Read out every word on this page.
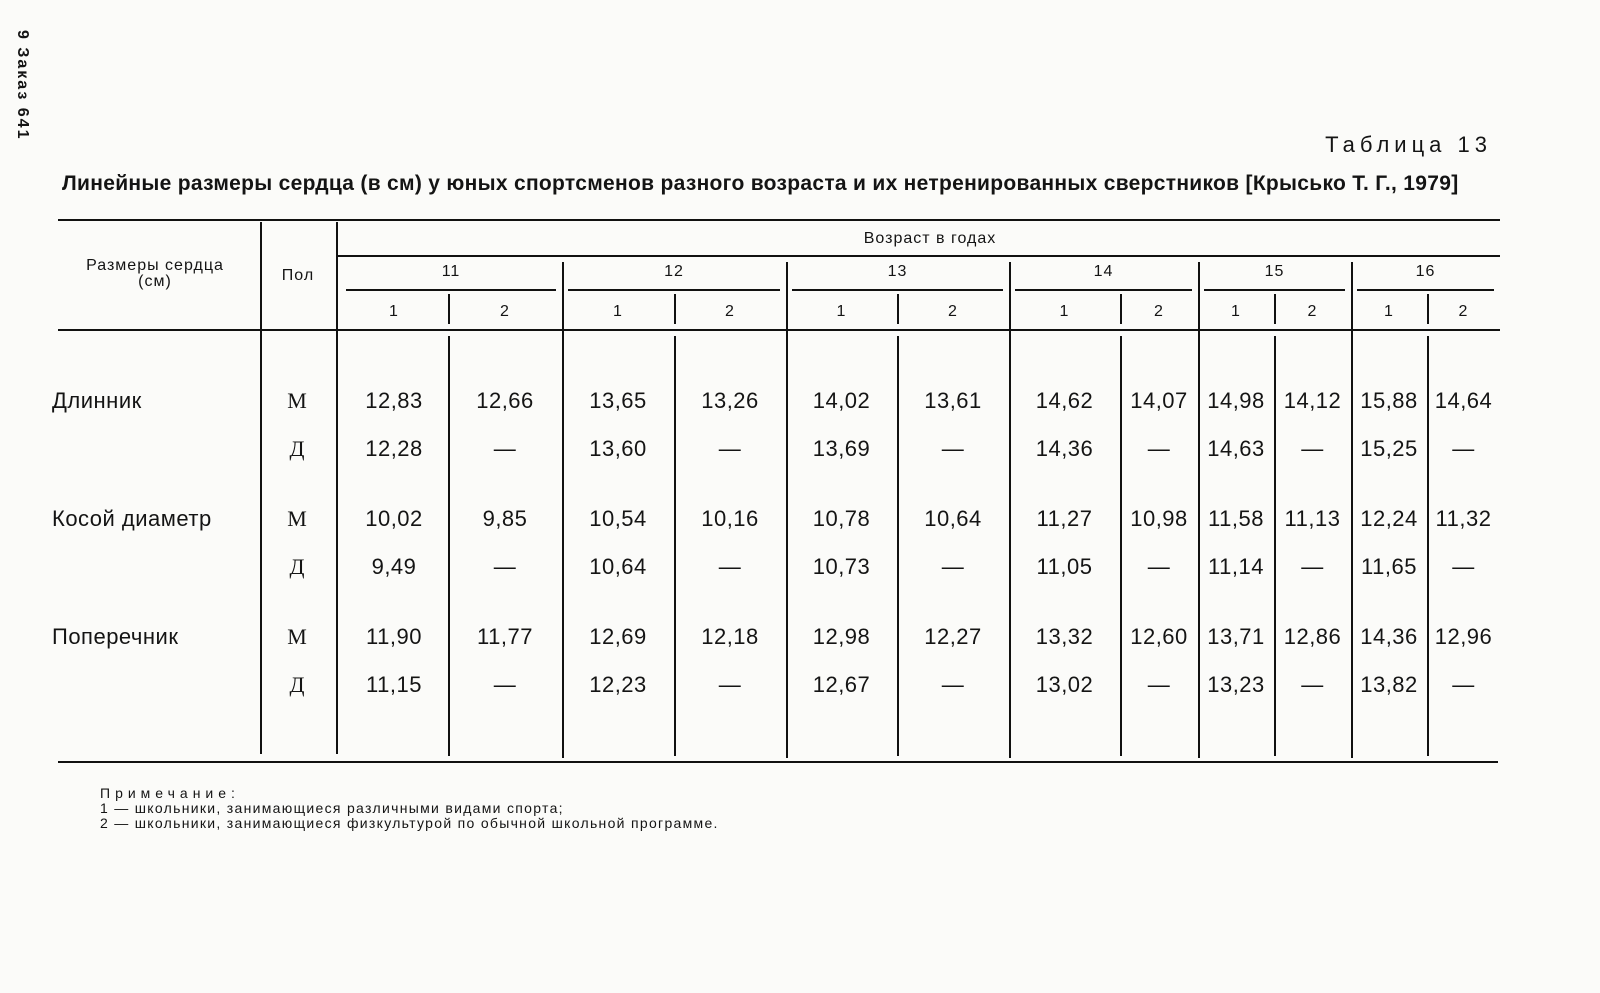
9 Заказ 641
Таблица 13
Линейные размеры сердца (в см) у юных спортсменов разного возраста и их нетренированных сверстников [Крысько Т. Г., 1979]
Размеры сердца (см)	Пол
Возраст в годах
11
1	2
12
1	2
13
1	2
14
1	2
15
1	2
16
1	2
Длинник	М	12,83	12,66	13,65	13,26	14,02	13,61	14,62	14,07 14,98 14,12 15,88 14,64
Д	12,28	—	13,60	—	13,69	—	14,36	—	14,63	—	15,25	—
Косой диаметр	М	10,02	9,85	10,54	10,16	10,78	10,64	11,27	10,98 11,58 11,13 12,24 11,32
Д	9,49	—	10,64	—	10,73	—	11,05	—	11,14	—	11,65	—
Поперечник	М	11,90	11,77	12,69	12,18	12,98	12,27	13,32	12,60 13,71 12,86 14,36 12,96
Д	11,15	—	12,23	—	12,67	—	13,02	—	13,23	—	13,82	—
Примечание:
1 — школьники, занимающиеся различными видами спорта;
2 — школьники, занимающиеся физкультурой по обычной школьной программе.
